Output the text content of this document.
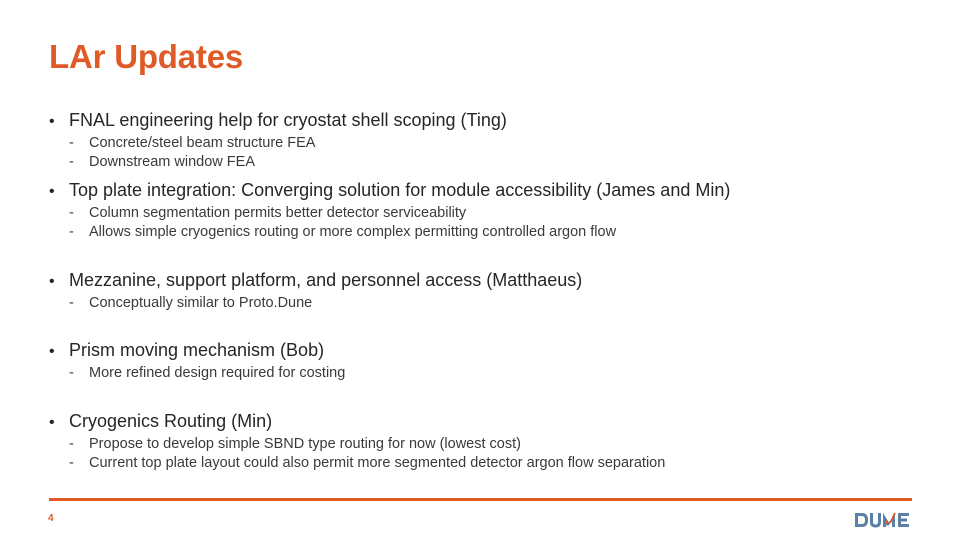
LAr Updates
• FNAL engineering help for cryostat shell scoping (Ting)
-	Concrete/steel beam structure FEA
-	Downstream window FEA
• Top plate integration: Converging solution for module accessibility (James and Min)
-	Column segmentation permits better detector serviceability
-	Allows simple cryogenics routing or more complex permitting controlled argon flow
• Mezzanine, support platform, and personnel access (Matthaeus)
-	Conceptually similar to Proto.Dune
• Prism moving mechanism (Bob)
-	More refined design required for costing
• Cryogenics Routing (Min)
-	Propose to develop simple SBND type routing for now (lowest cost)
-	Current top plate layout could also permit more segmented detector argon flow separation
4
